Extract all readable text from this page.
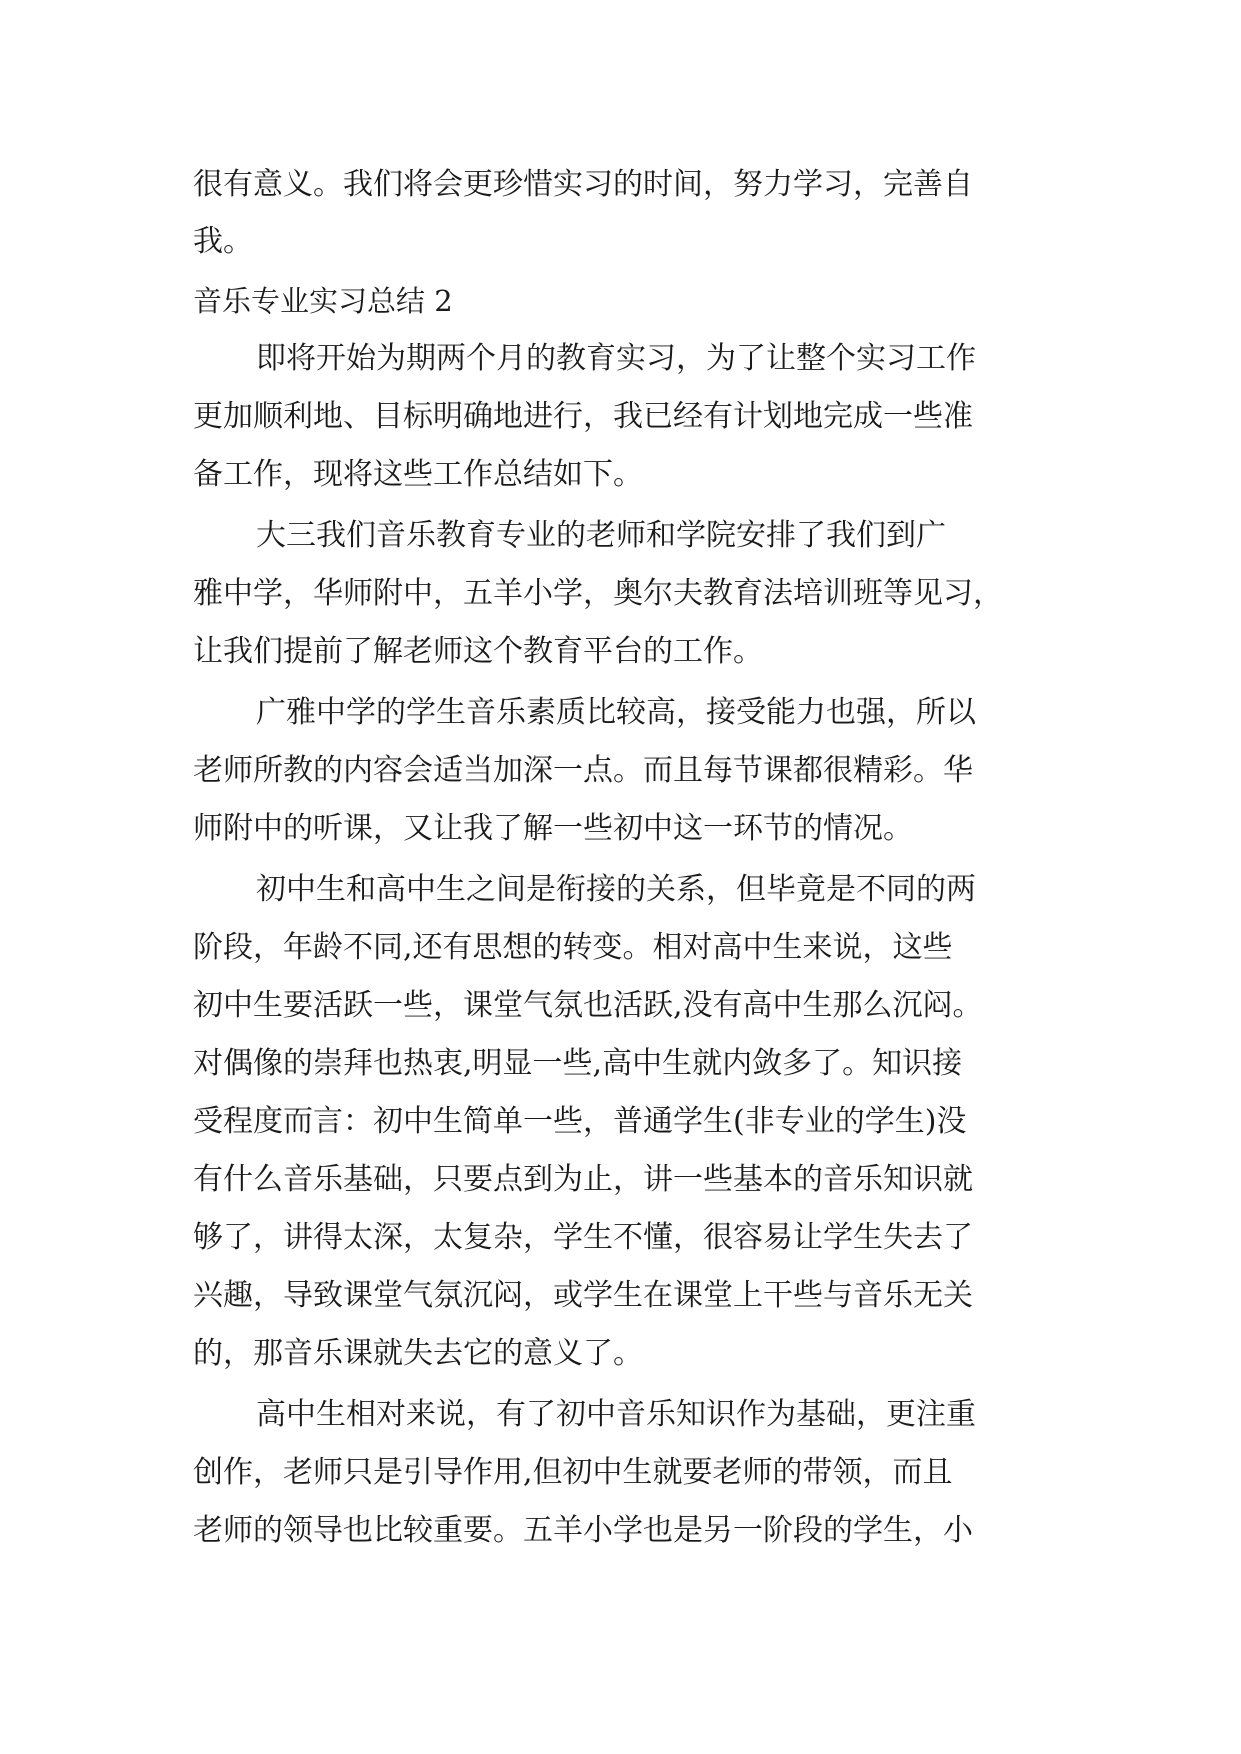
很有意义。我们将会更珍惜实习的时间，努力学习，完善自

我。

音乐专业实习总结 2

即将开始为期两个月的教育实习，为了让整个实习工作

更加顺利地、目标明确地进行，我已经有计划地完成一些准

备工作，现将这些工作总结如下。

大三我们音乐教育专业的老师和学院安排了我们到广

雅中学，华师附中，五羊小学，奥尔夫教育法培训班等见习，

让我们提前了解老师这个教育平台的工作。

广雅中学的学生音乐素质比较高，接受能力也强，所以

老师所教的内容会适当加深一点。而且每节课都很精彩。华

师附中的听课，又让我了解一些初中这一环节的情况。

初中生和高中生之间是衔接的关系，但毕竟是不同的两

阶段，年龄不同,还有思想的转变。相对高中生来说，这些

初中生要活跃一些，课堂气氛也活跃,没有高中生那么沉闷。

对偶像的崇拜也热衷,明显一些,高中生就内敛多了。知识接

受程度而言：初中生简单一些，普通学生(非专业的学生)没

有什么音乐基础，只要点到为止，讲一些基本的音乐知识就

够了，讲得太深，太复杂，学生不懂，很容易让学生失去了

兴趣，导致课堂气氛沉闷，或学生在课堂上干些与音乐无关

的，那音乐课就失去它的意义了。

高中生相对来说，有了初中音乐知识作为基础，更注重

创作，老师只是引导作用,但初中生就要老师的带领，而且

老师的领导也比较重要。五羊小学也是另一阶段的学生，小
